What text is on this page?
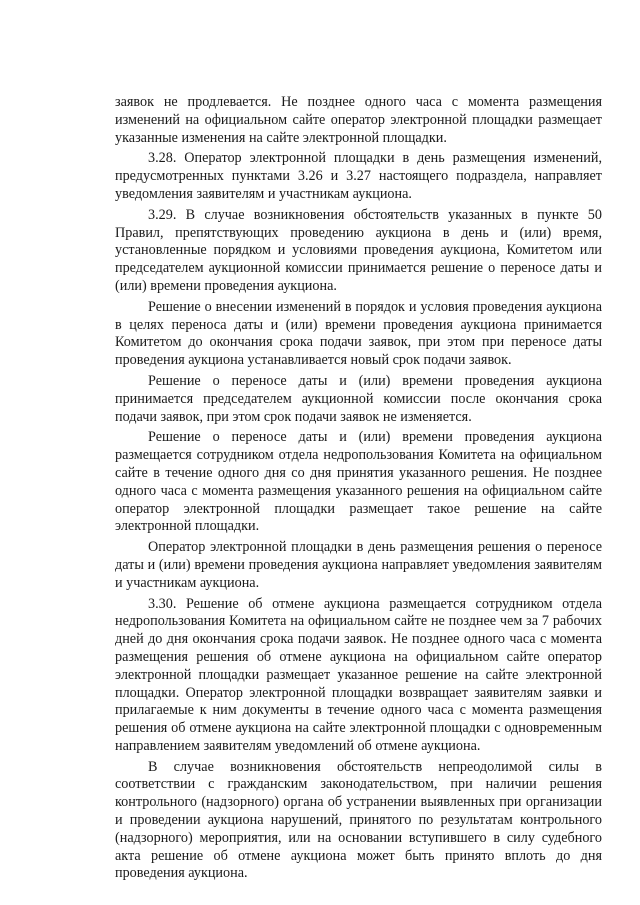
заявок не продлевается. Не позднее одного часа с момента размещения изменений на официальном сайте оператор электронной площадки размещает указанные изменения на сайте электронной площадки.

3.28. Оператор электронной площадки в день размещения изменений, предусмотренных пунктами 3.26 и 3.27 настоящего подраздела, направляет уведомления заявителям и участникам аукциона.

3.29. В случае возникновения обстоятельств указанных в пункте 50 Правил, препятствующих проведению аукциона в день и (или) время, установленные порядком и условиями проведения аукциона, Комитетом или председателем аукционной комиссии принимается решение о переносе даты и (или) времени проведения аукциона.

Решение о внесении изменений в порядок и условия проведения аукциона в целях переноса даты и (или) времени проведения аукциона принимается Комитетом до окончания срока подачи заявок, при этом при переносе даты проведения аукциона устанавливается новый срок подачи заявок.

Решение о переносе даты и (или) времени проведения аукциона принимается председателем аукционной комиссии после окончания срока подачи заявок, при этом срок подачи заявок не изменяется.

Решение о переносе даты и (или) времени проведения аукциона размещается сотрудником отдела недропользования Комитета на официальном сайте в течение одного дня со дня принятия указанного решения. Не позднее одного часа с момента размещения указанного решения на официальном сайте оператор электронной площадки размещает такое решение на сайте электронной площадки.

Оператор электронной площадки в день размещения решения о переносе даты и (или) времени проведения аукциона направляет уведомления заявителям и участникам аукциона.

3.30. Решение об отмене аукциона размещается сотрудником отдела недропользования Комитета на официальном сайте не позднее чем за 7 рабочих дней до дня окончания срока подачи заявок. Не позднее одного часа с момента размещения решения об отмене аукциона на официальном сайте оператор электронной площадки размещает указанное решение на сайте электронной площадки. Оператор электронной площадки возвращает заявителям заявки и прилагаемые к ним документы в течение одного часа с момента размещения решения об отмене аукциона на сайте электронной площадки с одновременным направлением заявителям уведомлений об отмене аукциона.

В случае возникновения обстоятельств непреодолимой силы в соответствии с гражданским законодательством, при наличии решения контрольного (надзорного) органа об устранении выявленных при организации и проведении аукциона нарушений, принятого по результатам контрольного (надзорного) мероприятия, или на основании вступившего в силу судебного акта решение об отмене аукциона может быть принято вплоть до дня проведения аукциона.
